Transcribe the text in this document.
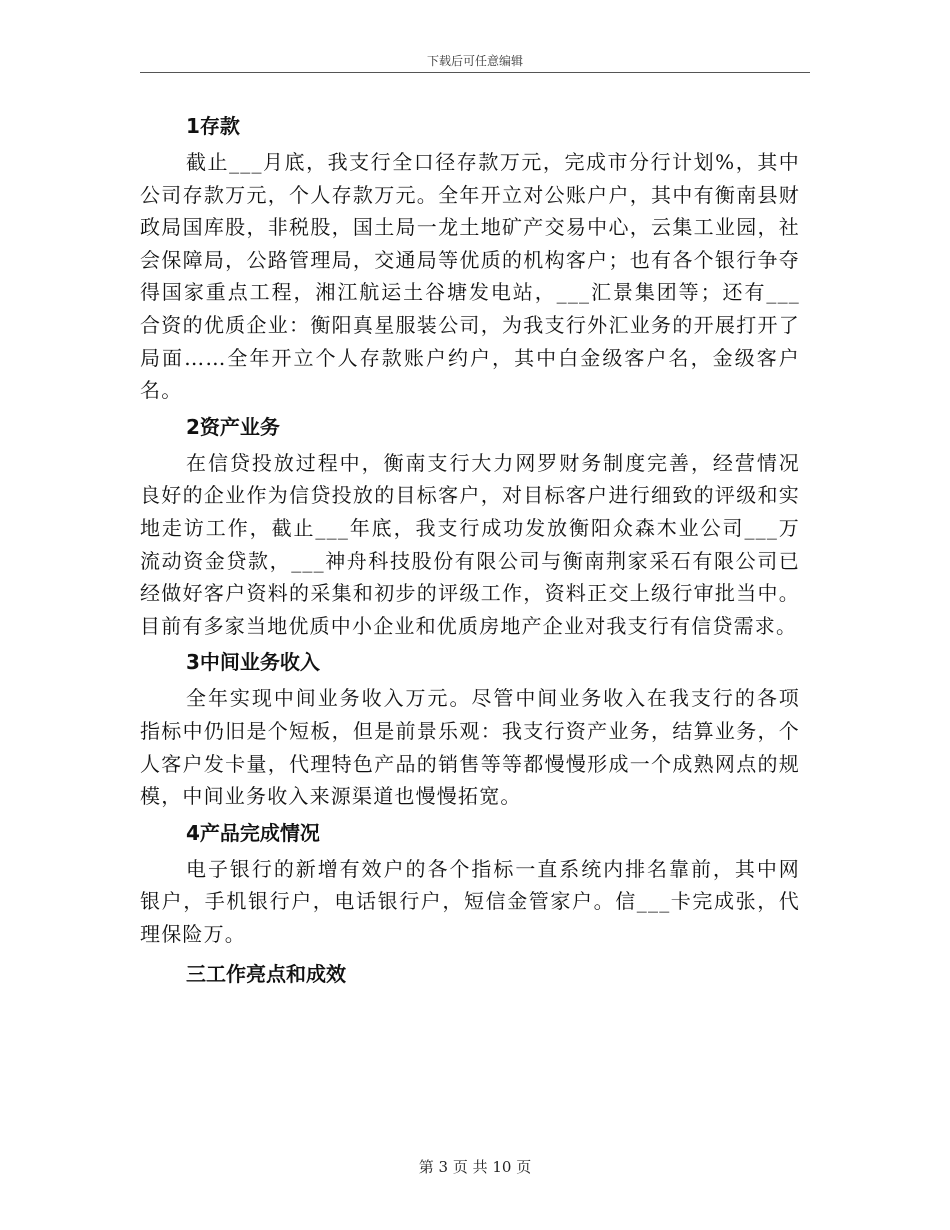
下载后可任意编辑
1存款

截止___月底，我支行全口径存款万元，完成市分行计划%，其中公司存款万元，个人存款万元。全年开立对公账户户，其中有衡南县财政局国库股，非税股，国土局一龙土地矿产交易中心，云集工业园，社会保障局，公路管理局，交通局等优质的机构客户；也有各个银行争夺得国家重点工程，湘江航运土谷塘发电站，___汇景集团等；还有___合资的优质企业：衡阳真星服装公司，为我支行外汇业务的开展打开了局面……全年开立个人存款账户约户，其中白金级客户名，金级客户名。

2资产业务

在信贷投放过程中，衡南支行大力网罗财务制度完善，经营情况良好的企业作为信贷投放的目标客户，对目标客户进行细致的评级和实地走访工作，截止___年底，我支行成功发放衡阳众森木业公司___万流动资金贷款，___神舟科技股份有限公司与衡南荆家采石有限公司已经做好客户资料的采集和初步的评级工作，资料正交上级行审批当中。目前有多家当地优质中小企业和优质房地产企业对我支行有信贷需求。

3中间业务收入

全年实现中间业务收入万元。尽管中间业务收入在我支行的各项指标中仍旧是个短板，但是前景乐观：我支行资产业务，结算业务，个人客户发卡量，代理特色产品的销售等等都慢慢形成一个成熟网点的规模，中间业务收入来源渠道也慢慢拓宽。

4产品完成情况

电子银行的新增有效户的各个指标一直系统内排名靠前，其中网银户，手机银行户，电话银行户，短信金管家户。信___卡完成张，代理保险万。

三工作亮点和成效
第 3 页 共 10 页
